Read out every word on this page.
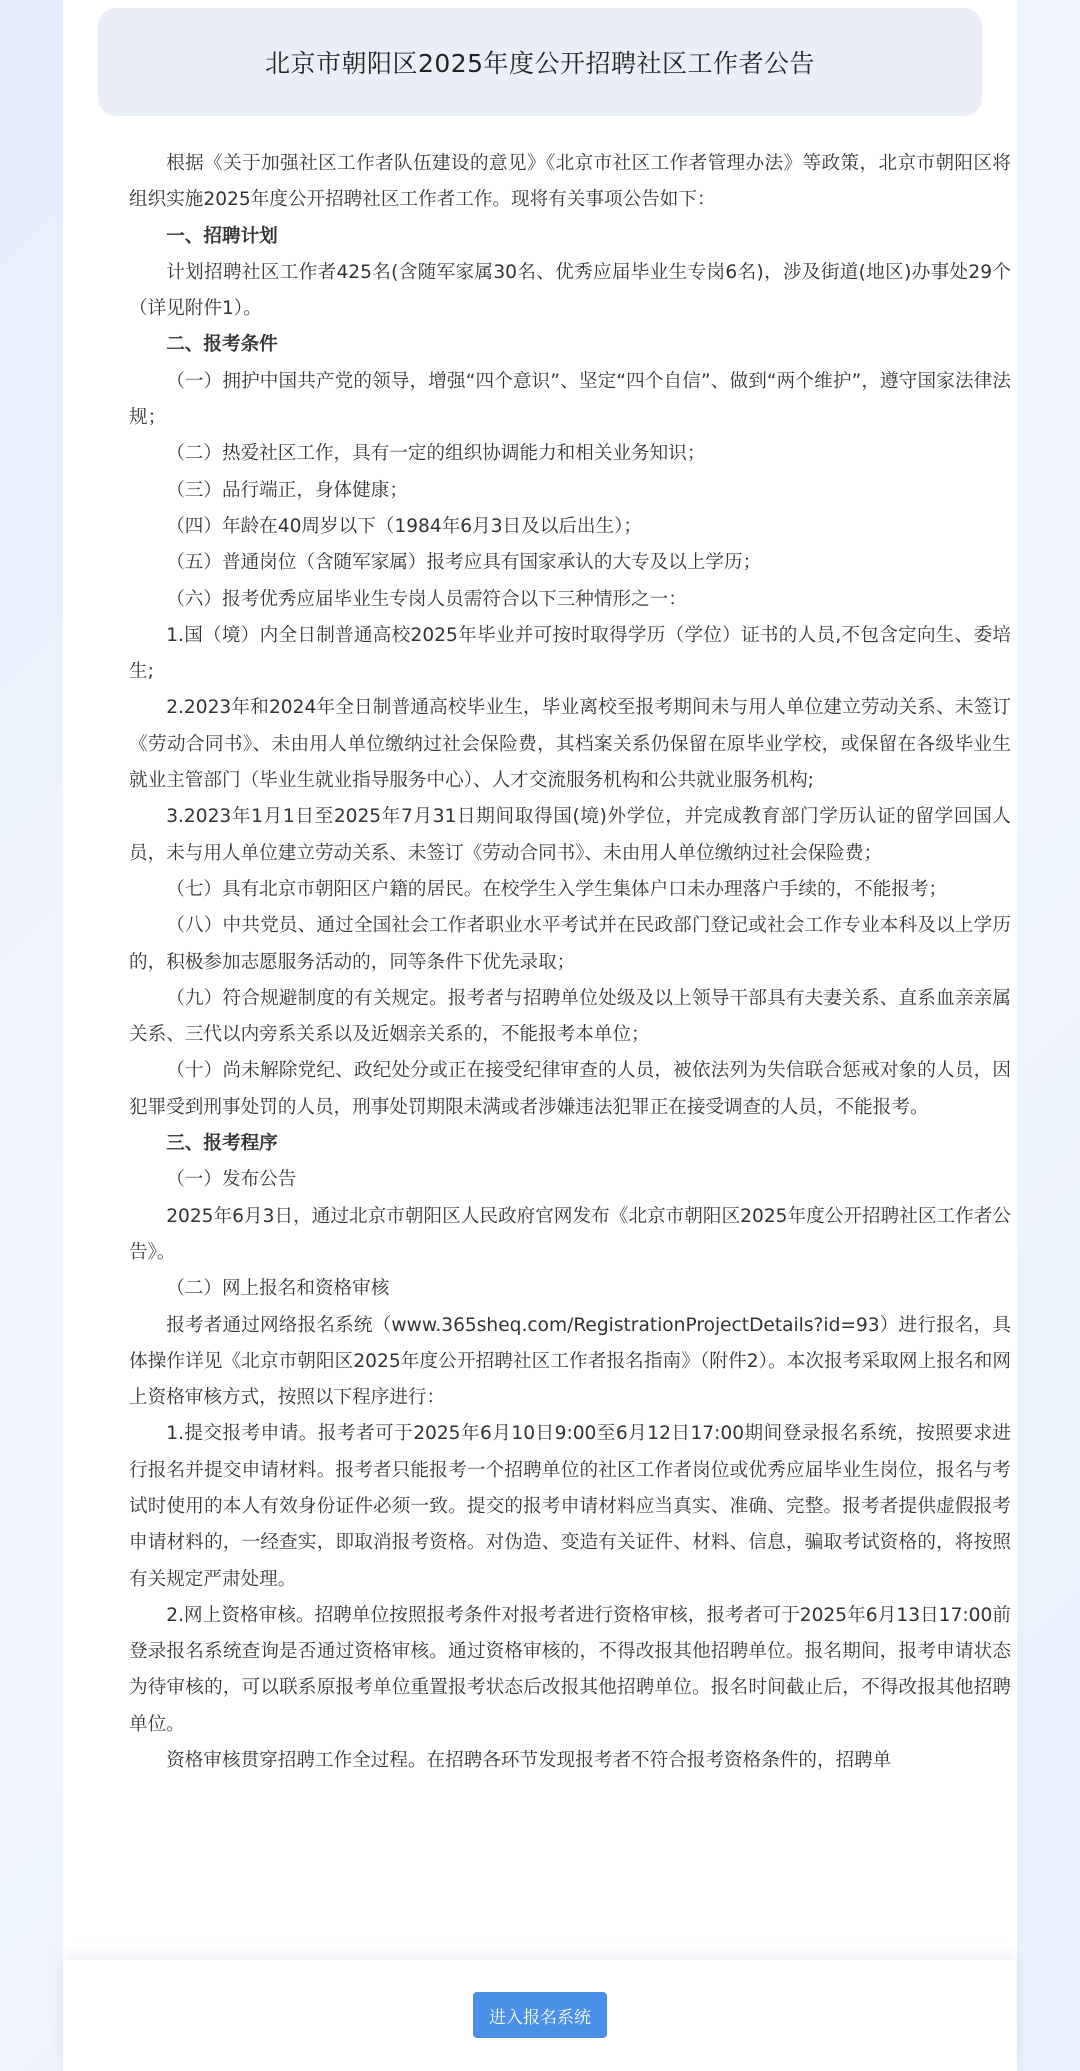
北京市朝阳区2025年度公开招聘社区工作者公告

根据《关于加强社区工作者队伍建设的意见》《北京市社区工作者管理办法》等政策，北京市朝阳区将组织实施2025年度公开招聘社区工作者工作。现将有关事项公告如下：

一、招聘计划

计划招聘社区工作者425名(含随军家属30名、优秀应届毕业生专岗6名)，涉及街道(地区)办事处29个（详见附件1）。

二、报考条件

（一）拥护中国共产党的领导，增强“四个意识”、坚定“四个自信”、做到“两个维护”，遵守国家法律法规；

（二）热爱社区工作，具有一定的组织协调能力和相关业务知识；

（三）品行端正，身体健康；

（四）年龄在40周岁以下（1984年6月3日及以后出生）；

（五）普通岗位（含随军家属）报考应具有国家承认的大专及以上学历；

（六）报考优秀应届毕业生专岗人员需符合以下三种情形之一：

1.国（境）内全日制普通高校2025年毕业并可按时取得学历（学位）证书的人员,不包含定向生、委培生;

2.2023年和2024年全日制普通高校毕业生，毕业离校至报考期间未与用人单位建立劳动关系、未签订《劳动合同书》、未由用人单位缴纳过社会保险费，其档案关系仍保留在原毕业学校，或保留在各级毕业生就业主管部门（毕业生就业指导服务中心）、人才交流服务机构和公共就业服务机构;

3.2023年1月1日至2025年7月31日期间取得国(境)外学位，并完成教育部门学历认证的留学回国人员，未与用人单位建立劳动关系、未签订《劳动合同书》、未由用人单位缴纳过社会保险费；

（七）具有北京市朝阳区户籍的居民。在校学生入学生集体户口未办理落户手续的，不能报考；

（八）中共党员、通过全国社会工作者职业水平考试并在民政部门登记或社会工作专业本科及以上学历的，积极参加志愿服务活动的，同等条件下优先录取；

（九）符合规避制度的有关规定。报考者与招聘单位处级及以上领导干部具有夫妻关系、直系血亲亲属关系、三代以内旁系关系以及近姻亲关系的，不能报考本单位；

（十）尚未解除党纪、政纪处分或正在接受纪律审查的人员，被依法列为失信联合惩戒对象的人员，因犯罪受到刑事处罚的人员，刑事处罚期限未满或者涉嫌违法犯罪正在接受调查的人员，不能报考。

三、报考程序

（一）发布公告

2025年6月3日，通过北京市朝阳区人民政府官网发布《北京市朝阳区2025年度公开招聘社区工作者公告》。

（二）网上报名和资格审核

报考者通过网络报名系统（www.365sheq.com/RegistrationProjectDetails?id=93）进行报名，具体操作详见《北京市朝阳区2025年度公开招聘社区工作者报名指南》（附件2）。本次报考采取网上报名和网上资格审核方式，按照以下程序进行：

1.提交报考申请。报考者可于2025年6月10日9:00至6月12日17:00期间登录报名系统，按照要求进行报名并提交申请材料。报考者只能报考一个招聘单位的社区工作者岗位或优秀应届毕业生岗位，报名与考试时使用的本人有效身份证件必须一致。提交的报考申请材料应当真实、准确、完整。报考者提供虚假报考申请材料的，一经查实，即取消报考资格。对伪造、变造有关证件、材料、信息，骗取考试资格的，将按照有关规定严肃处理。

2.网上资格审核。招聘单位按照报考条件对报考者进行资格审核，报考者可于2025年6月13日17:00前登录报名系统查询是否通过资格审核。通过资格审核的，不得改报其他招聘单位。报名期间，报考申请状态为待审核的，可以联系原报考单位重置报考状态后改报其他招聘单位。报名时间截止后，不得改报其他招聘单位。

资格审核贯穿招聘工作全过程。在招聘各环节发现报考者不符合报考资格条件的，招聘单

进入报名系统
